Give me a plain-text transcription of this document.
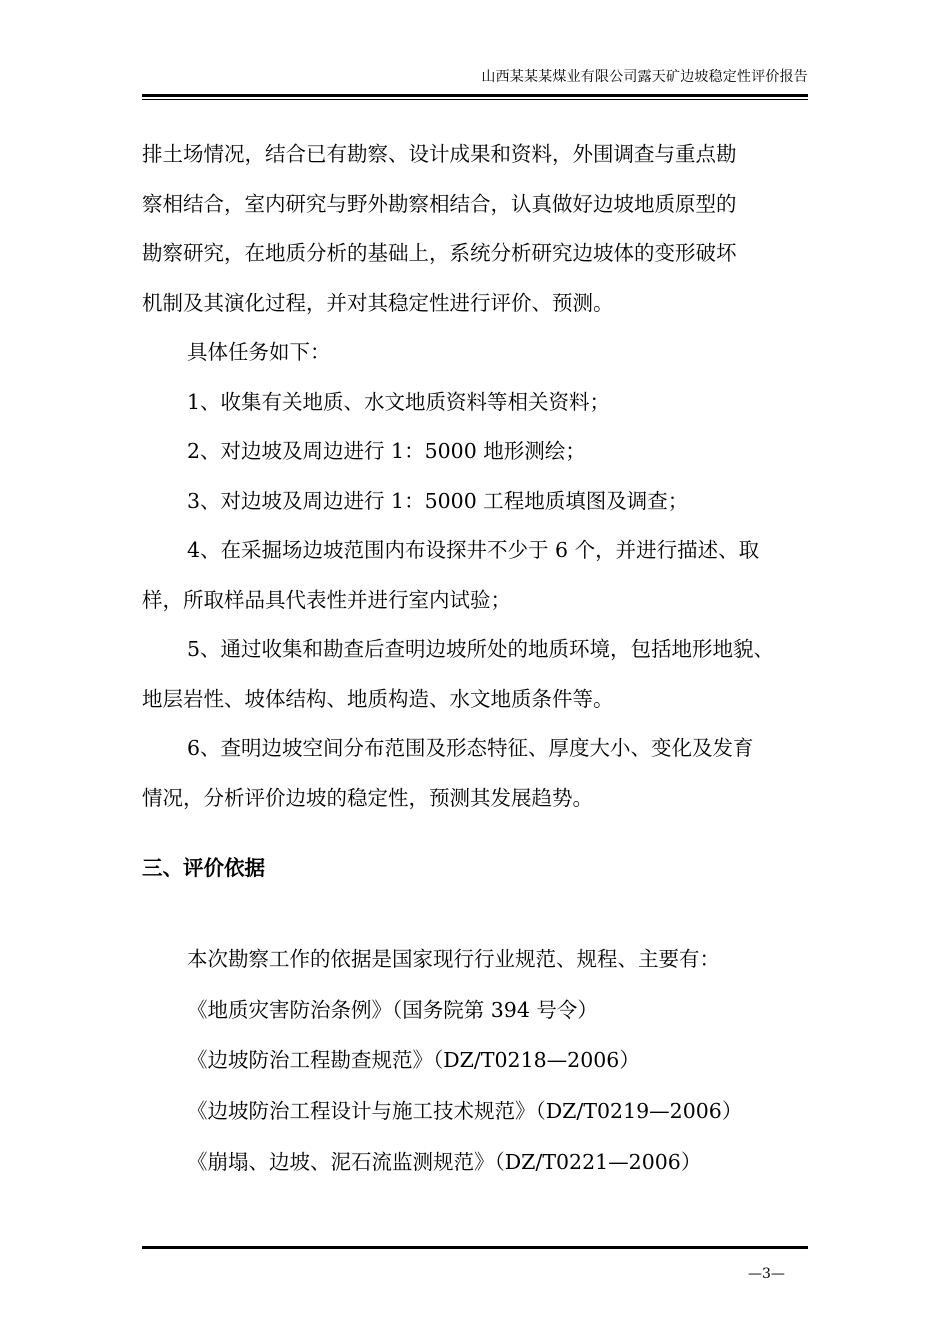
山西某某某煤业有限公司露天矿边坡稳定性评价报告
排土场情况，结合已有勘察、设计成果和资料，外围调查与重点勘
察相结合，室内研究与野外勘察相结合，认真做好边坡地质原型的
勘察研究，在地质分析的基础上，系统分析研究边坡体的变形破坏
机制及其演化过程，并对其稳定性进行评价、预测。
具体任务如下：
1、收集有关地质、水文地质资料等相关资料；
2、对边坡及周边进行 1：5000 地形测绘；
3、对边坡及周边进行 1：5000 工程地质填图及调查；
4、在采掘场边坡范围内布设探井不少于 6 个，并进行描述、取
样，所取样品具代表性并进行室内试验；
5、通过收集和勘查后查明边坡所处的地质环境，包括地形地貌、
地层岩性、坡体结构、地质构造、水文地质条件等。
6、查明边坡空间分布范围及形态特征、厚度大小、变化及发育
情况，分析评价边坡的稳定性，预测其发展趋势。
三、评价依据
本次勘察工作的依据是国家现行行业规范、规程、主要有：
《地质灾害防治条例》（国务院第 394 号令）
《边坡防治工程勘查规范》（DZ/T0218—2006）
《边坡防治工程设计与施工技术规范》（DZ/T0219—2006）
《崩塌、边坡、泥石流监测规范》（DZ/T0221—2006）
—3—
